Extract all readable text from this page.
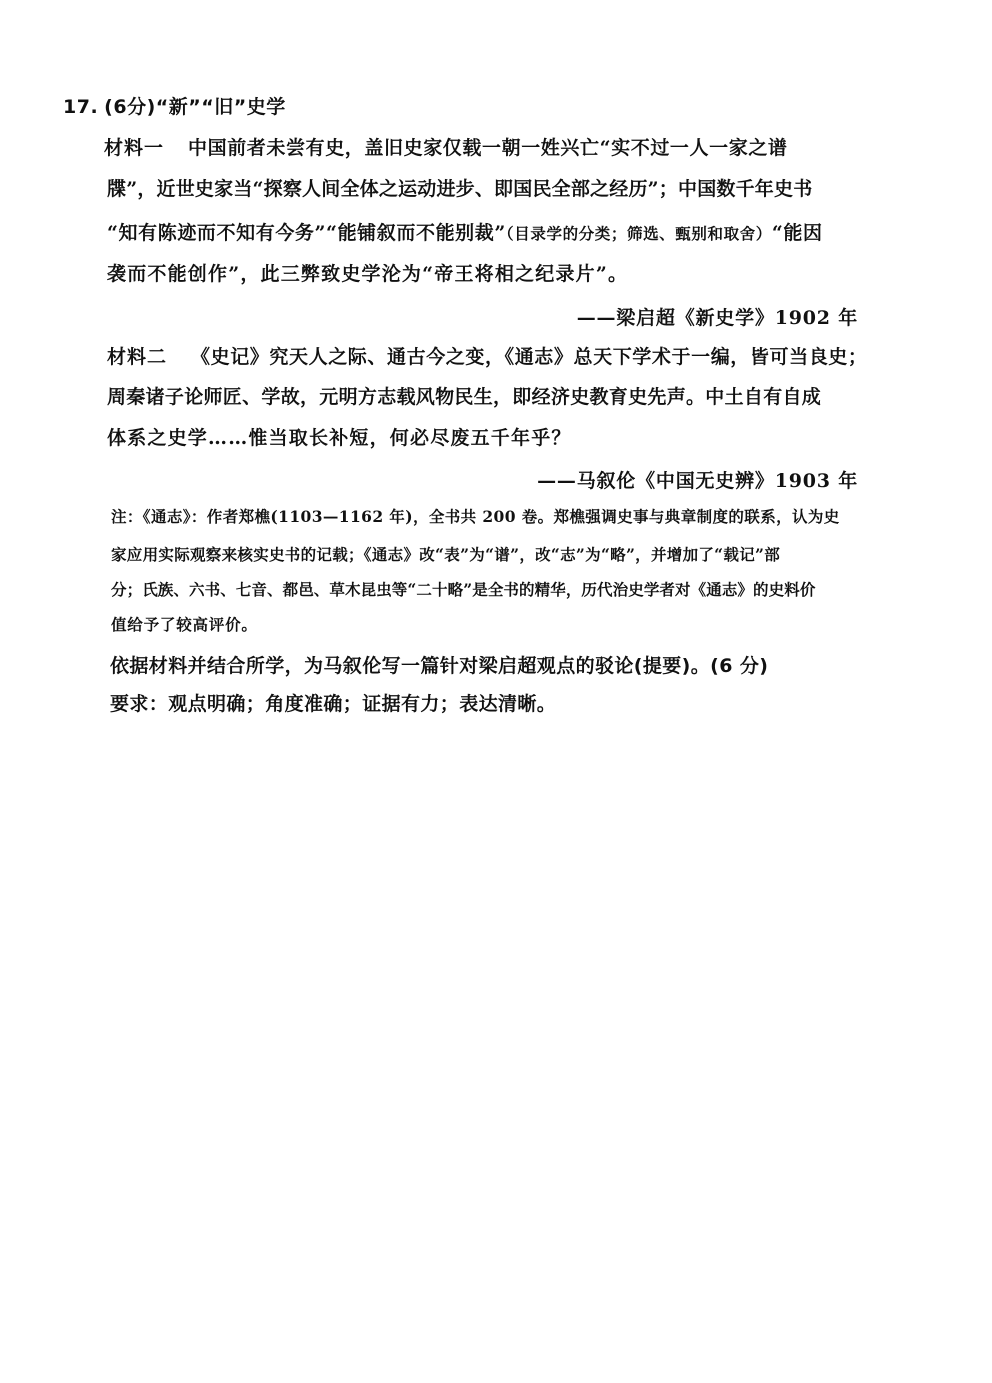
17. (6分)“新”“旧”史学
材料一 中国前者未尝有史，盖旧史家仅载一朝一姓兴亡“实不过一人一家之谱
牒”，近世史家当“探察人间全体之运动进步、即国民全部之经历”；中国数千年史书
“知有陈迹而不知有今务”“能铺叙而不能别裁”（目录学的分类；筛选、甄别和取舍）“能因
袭而不能创作”，此三弊致史学沦为“帝王将相之纪录片”。
——梁启超《新史学》1902 年
材料二 《史记》究天人之际、通古今之变，《通志》总天下学术于一编，皆可当良史；
周秦诸子论师匠、学故，元明方志载风物民生，即经济史教育史先声。中土自有自成
体系之史学……惟当取长补短，何必尽废五千年乎？
——马叙伦《中国无史辨》1903 年
注：《通志》：作者郑樵(1103—1162 年)，全书共 200 卷。郑樵强调史事与典章制度的联系，认为史
家应用实际观察来核实史书的记载；《通志》改“表”为“谱”，改“志”为“略”，并增加了“载记”部
分；氏族、六书、七音、都邑、草木昆虫等“二十略”是全书的精华，历代治史学者对《通志》的史料价
值给予了较高评价。
依据材料并结合所学，为马叙伦写一篇针对梁启超观点的驳论(提要)。(6 分)
要求：观点明确；角度准确；证据有力；表达清晰。
